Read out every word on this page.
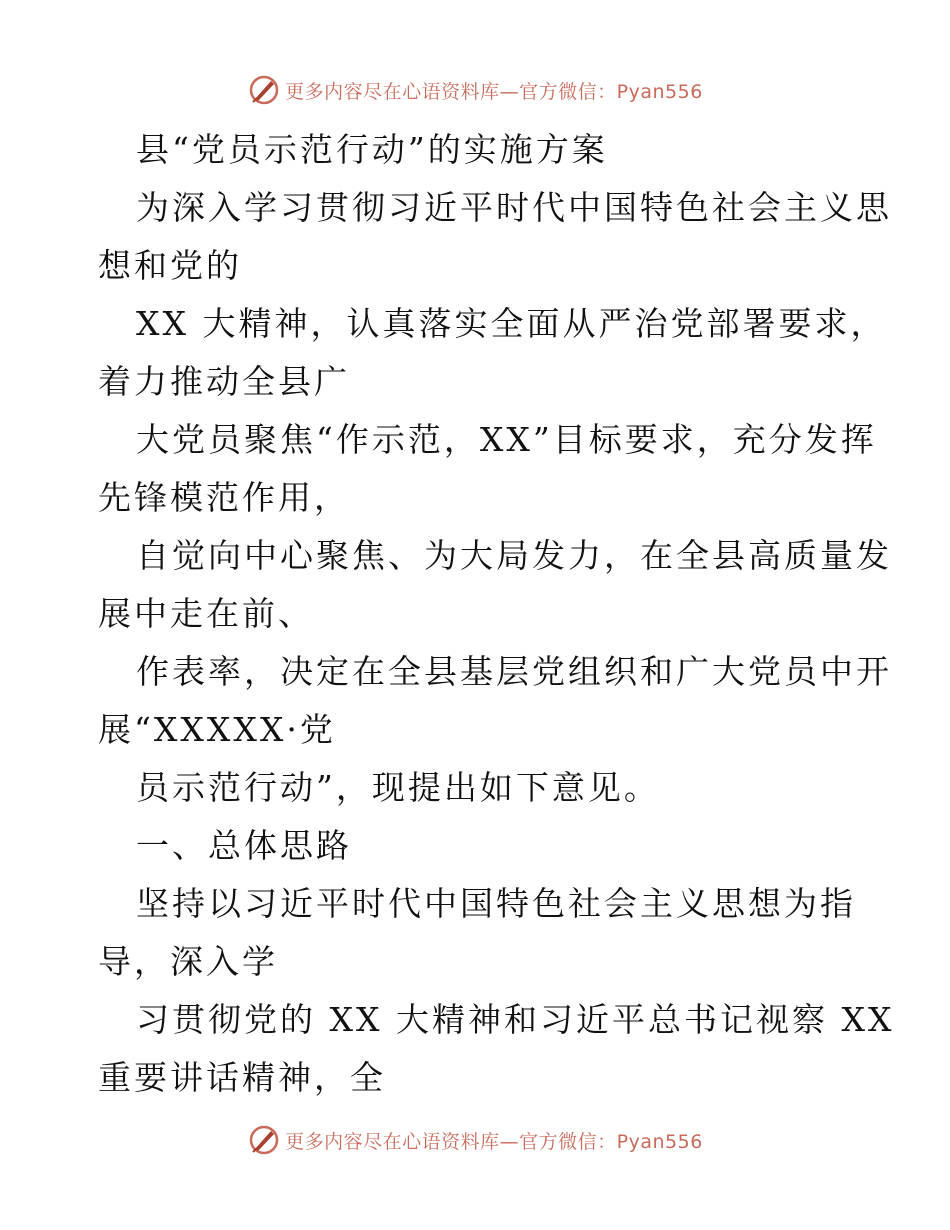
更多内容尽在心语资料库—官方微信：Pyan556
县“党员示范行动”的实施方案
为深入学习贯彻习近平时代中国特色社会主义思
想和党的
XX 大精神，认真落实全面从严治党部署要求，
着力推动全县广
大党员聚焦“作示范，XX”目标要求，充分发挥
先锋模范作用，
自觉向中心聚焦、为大局发力，在全县高质量发
展中走在前、
作表率，决定在全县基层党组织和广大党员中开
展“XXXXX·党
员示范行动”，现提出如下意见。
一、总体思路
坚持以习近平时代中国特色社会主义思想为指
导，深入学
习贯彻党的 XX 大精神和习近平总书记视察 XX
重要讲话精神，全
更多内容尽在心语资料库—官方微信：Pyan556
